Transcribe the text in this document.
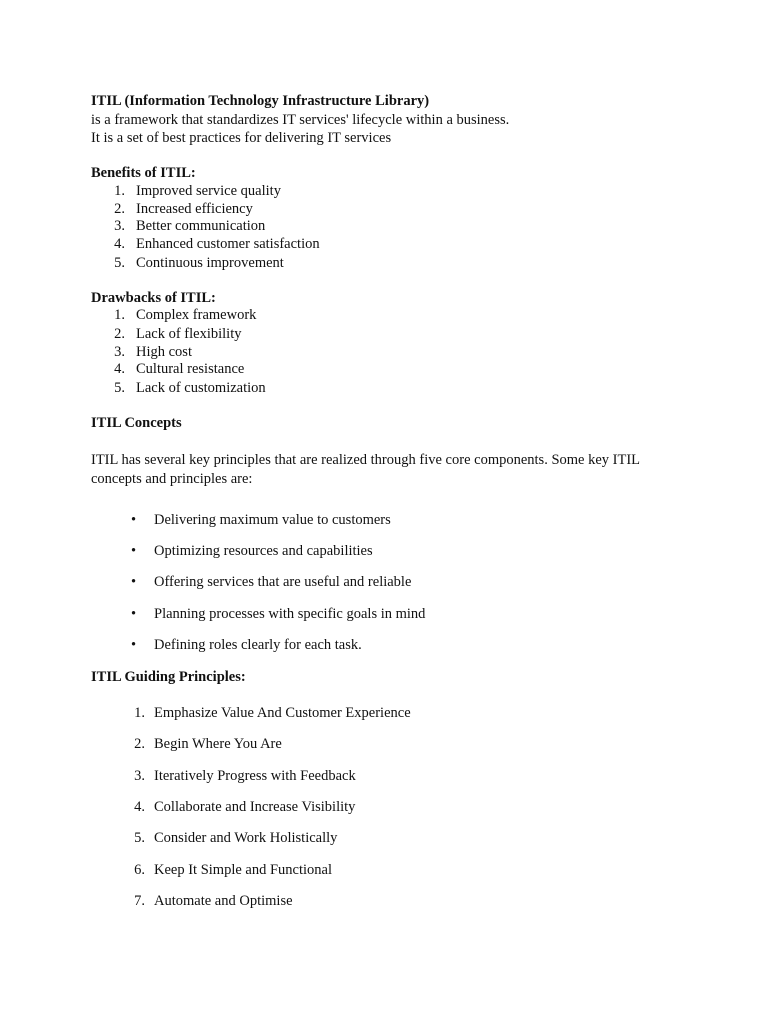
ITIL (Information Technology Infrastructure Library)
is a framework that standardizes IT services' lifecycle within a business.
It is a set of best practices for delivering IT services
Benefits of ITIL:
1. Improved service quality
2. Increased efficiency
3. Better communication
4. Enhanced customer satisfaction
5. Continuous improvement
Drawbacks of ITIL:
1. Complex framework
2. Lack of flexibility
3. High cost
4. Cultural resistance
5. Lack of customization
ITIL Concepts
ITIL has several key principles that are realized through five core components. Some key ITIL
concepts and principles are:
• Delivering maximum value to customers
• Optimizing resources and capabilities
• Offering services that are useful and reliable
• Planning processes with specific goals in mind
• Defining roles clearly for each task.
ITIL Guiding Principles:
1. Emphasize Value And Customer Experience
2. Begin Where You Are
3. Iteratively Progress with Feedback
4. Collaborate and Increase Visibility
5. Consider and Work Holistically
6. Keep It Simple and Functional
7. Automate and Optimise
